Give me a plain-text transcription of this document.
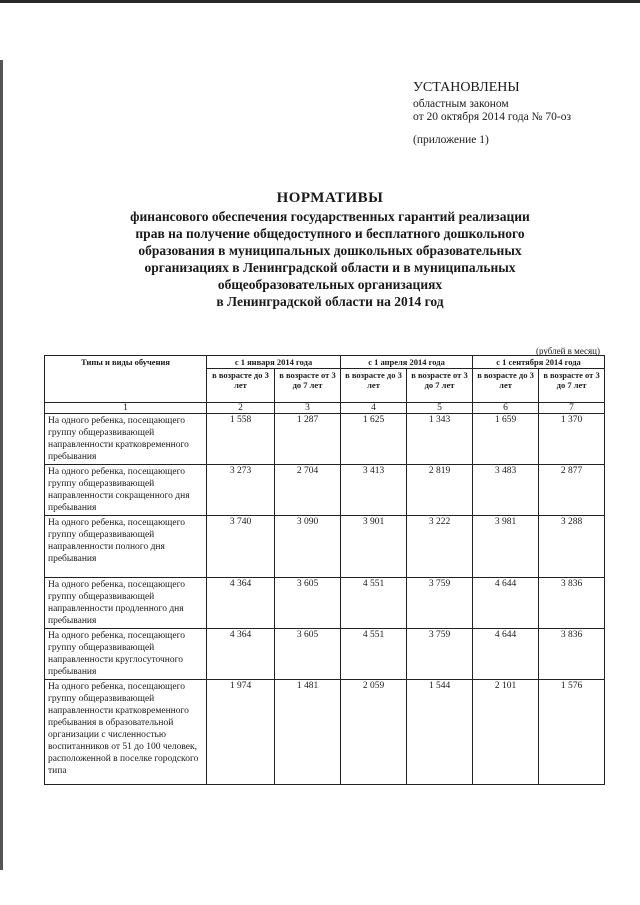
УСТАНОВЛЕНЫ
областным законом
от 20 октября 2014 года № 70-оз
(приложение 1)
НОРМАТИВЫ
финансового обеспечения государственных гарантий реализации
прав на получение общедоступного и бесплатного дошкольного
образования в муниципальных дошкольных образовательных
организациях в Ленинградской области и в муниципальных
общеобразовательных организациях
в Ленинградской области на 2014 год
(рублей в месяц)
Типы и виды обучения	с 1 января 2014 года		с 1 апреля 2014 года		с 1 сентября 2014 года	
	в возрасте до 3 лет	в возрасте от 3 до 7 лет	в возрасте до 3 лет	в возрасте от 3 до 7 лет	в возрасте до 3 лет	в возрасте от 3 до 7 лет
1	2	3	4	5	6	7
На одного ребенка, посещающего группу общеразвивающей направленности кратковременного пребывания	1 558	1 287	1 625	1 343	1 659	1 370
На одного ребенка, посещающего группу общеразвивающей направленности сокращенного дня пребывания	3 273	2 704	3 413	2 819	3 483	2 877
На одного ребенка, посещающего группу общеразвивающей направленности полного дня пребывания	3 740	3 090	3 901	3 222	3 981	3 288
На одного ребенка, посещающего группу общеразвивающей направленности продленного дня пребывания	4 364	3 605	4 551	3 759	4 644	3 836
На одного ребенка, посещающего группу общеразвивающей направленности круглосуточного пребывания	4 364	3 605	4 551	3 759	4 644	3 836
На одного ребенка, посещающего группу общеразвивающей направленности кратковременного пребывания в образовательной организации с численностью воспитанников от 51 до 100 человек, расположенной в поселке городского типа	1 974	1 481	2 059	1 544	2 101	1 576
